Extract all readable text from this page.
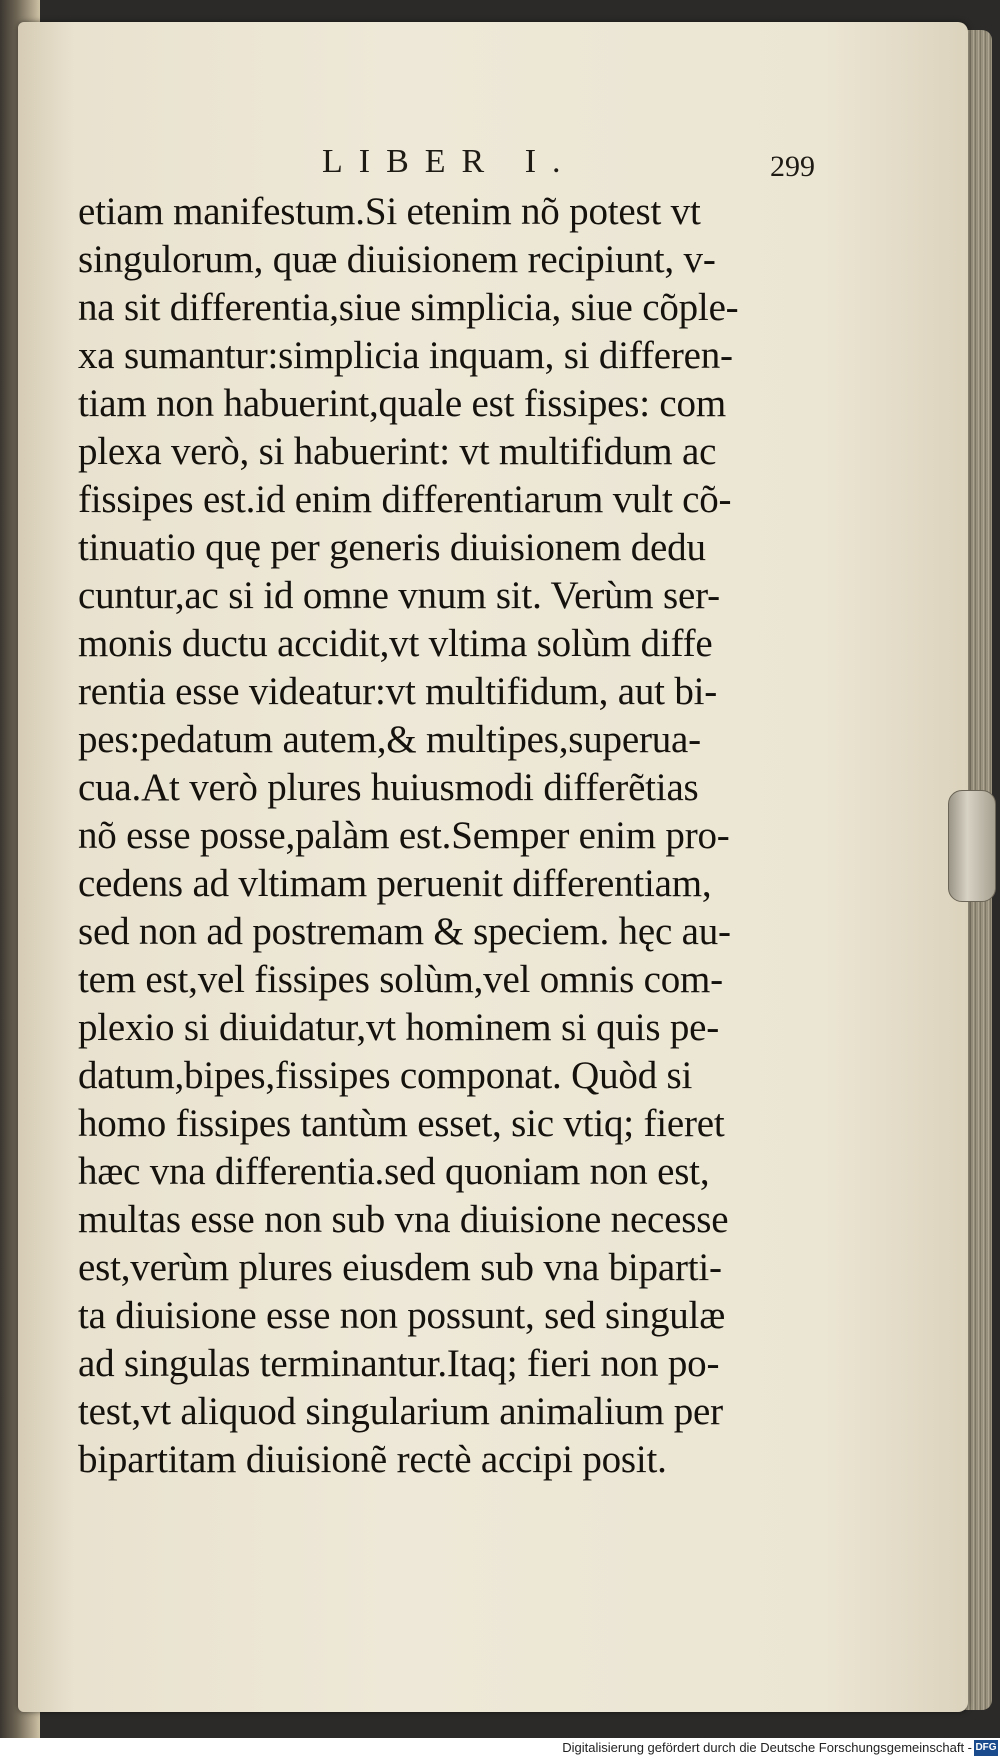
LIBER I.	299
etiam manifestum.Si etenim nõ potest vt
singulorum, quæ diuisionem recipiunt, v-
na sit differentia,siue simplicia, siue cõple-
xa sumantur:simplicia inquam, si differen-
tiam non habuerint,quale est fissipes: com
plexa verò, si habuerint: vt multifidum ac
fissipes est.id enim differentiarum vult cõ-
tinuatio quę per generis diuisionem dedu
cuntur,ac si id omne vnum sit. Verùm ser-
monis ductu accidit,vt vltima solùm diffe
rentia esse videatur:vt multifidum, aut bi-
pes:pedatum autem,& multipes,superua-
cua.At verò plures huiusmodi differẽtias
nõ esse posse,palàm est.Semper enim pro-
cedens ad vltimam peruenit differentiam,
sed non ad postremam & speciem. hęc au-
tem est,vel fissipes solùm,vel omnis com-
plexio si diuidatur,vt hominem si quis pe-
datum,bipes,fissipes componat. Quòd si
homo fissipes tantùm esset, sic vtiq; fieret
hæc vna differentia.sed quoniam non est,
multas esse non sub vna diuisione necesse
est,verùm plures eiusdem sub vna biparti-
ta diuisione esse non possunt, sed singulæ
ad singulas terminantur.Itaq; fieri non po-
test,vt aliquod singularium animalium per
bipartitam diuisionẽ rectè accipi posit.
Digitalisierung gefördert durch die Deutsche Forschungsgemeinschaft - DFG
